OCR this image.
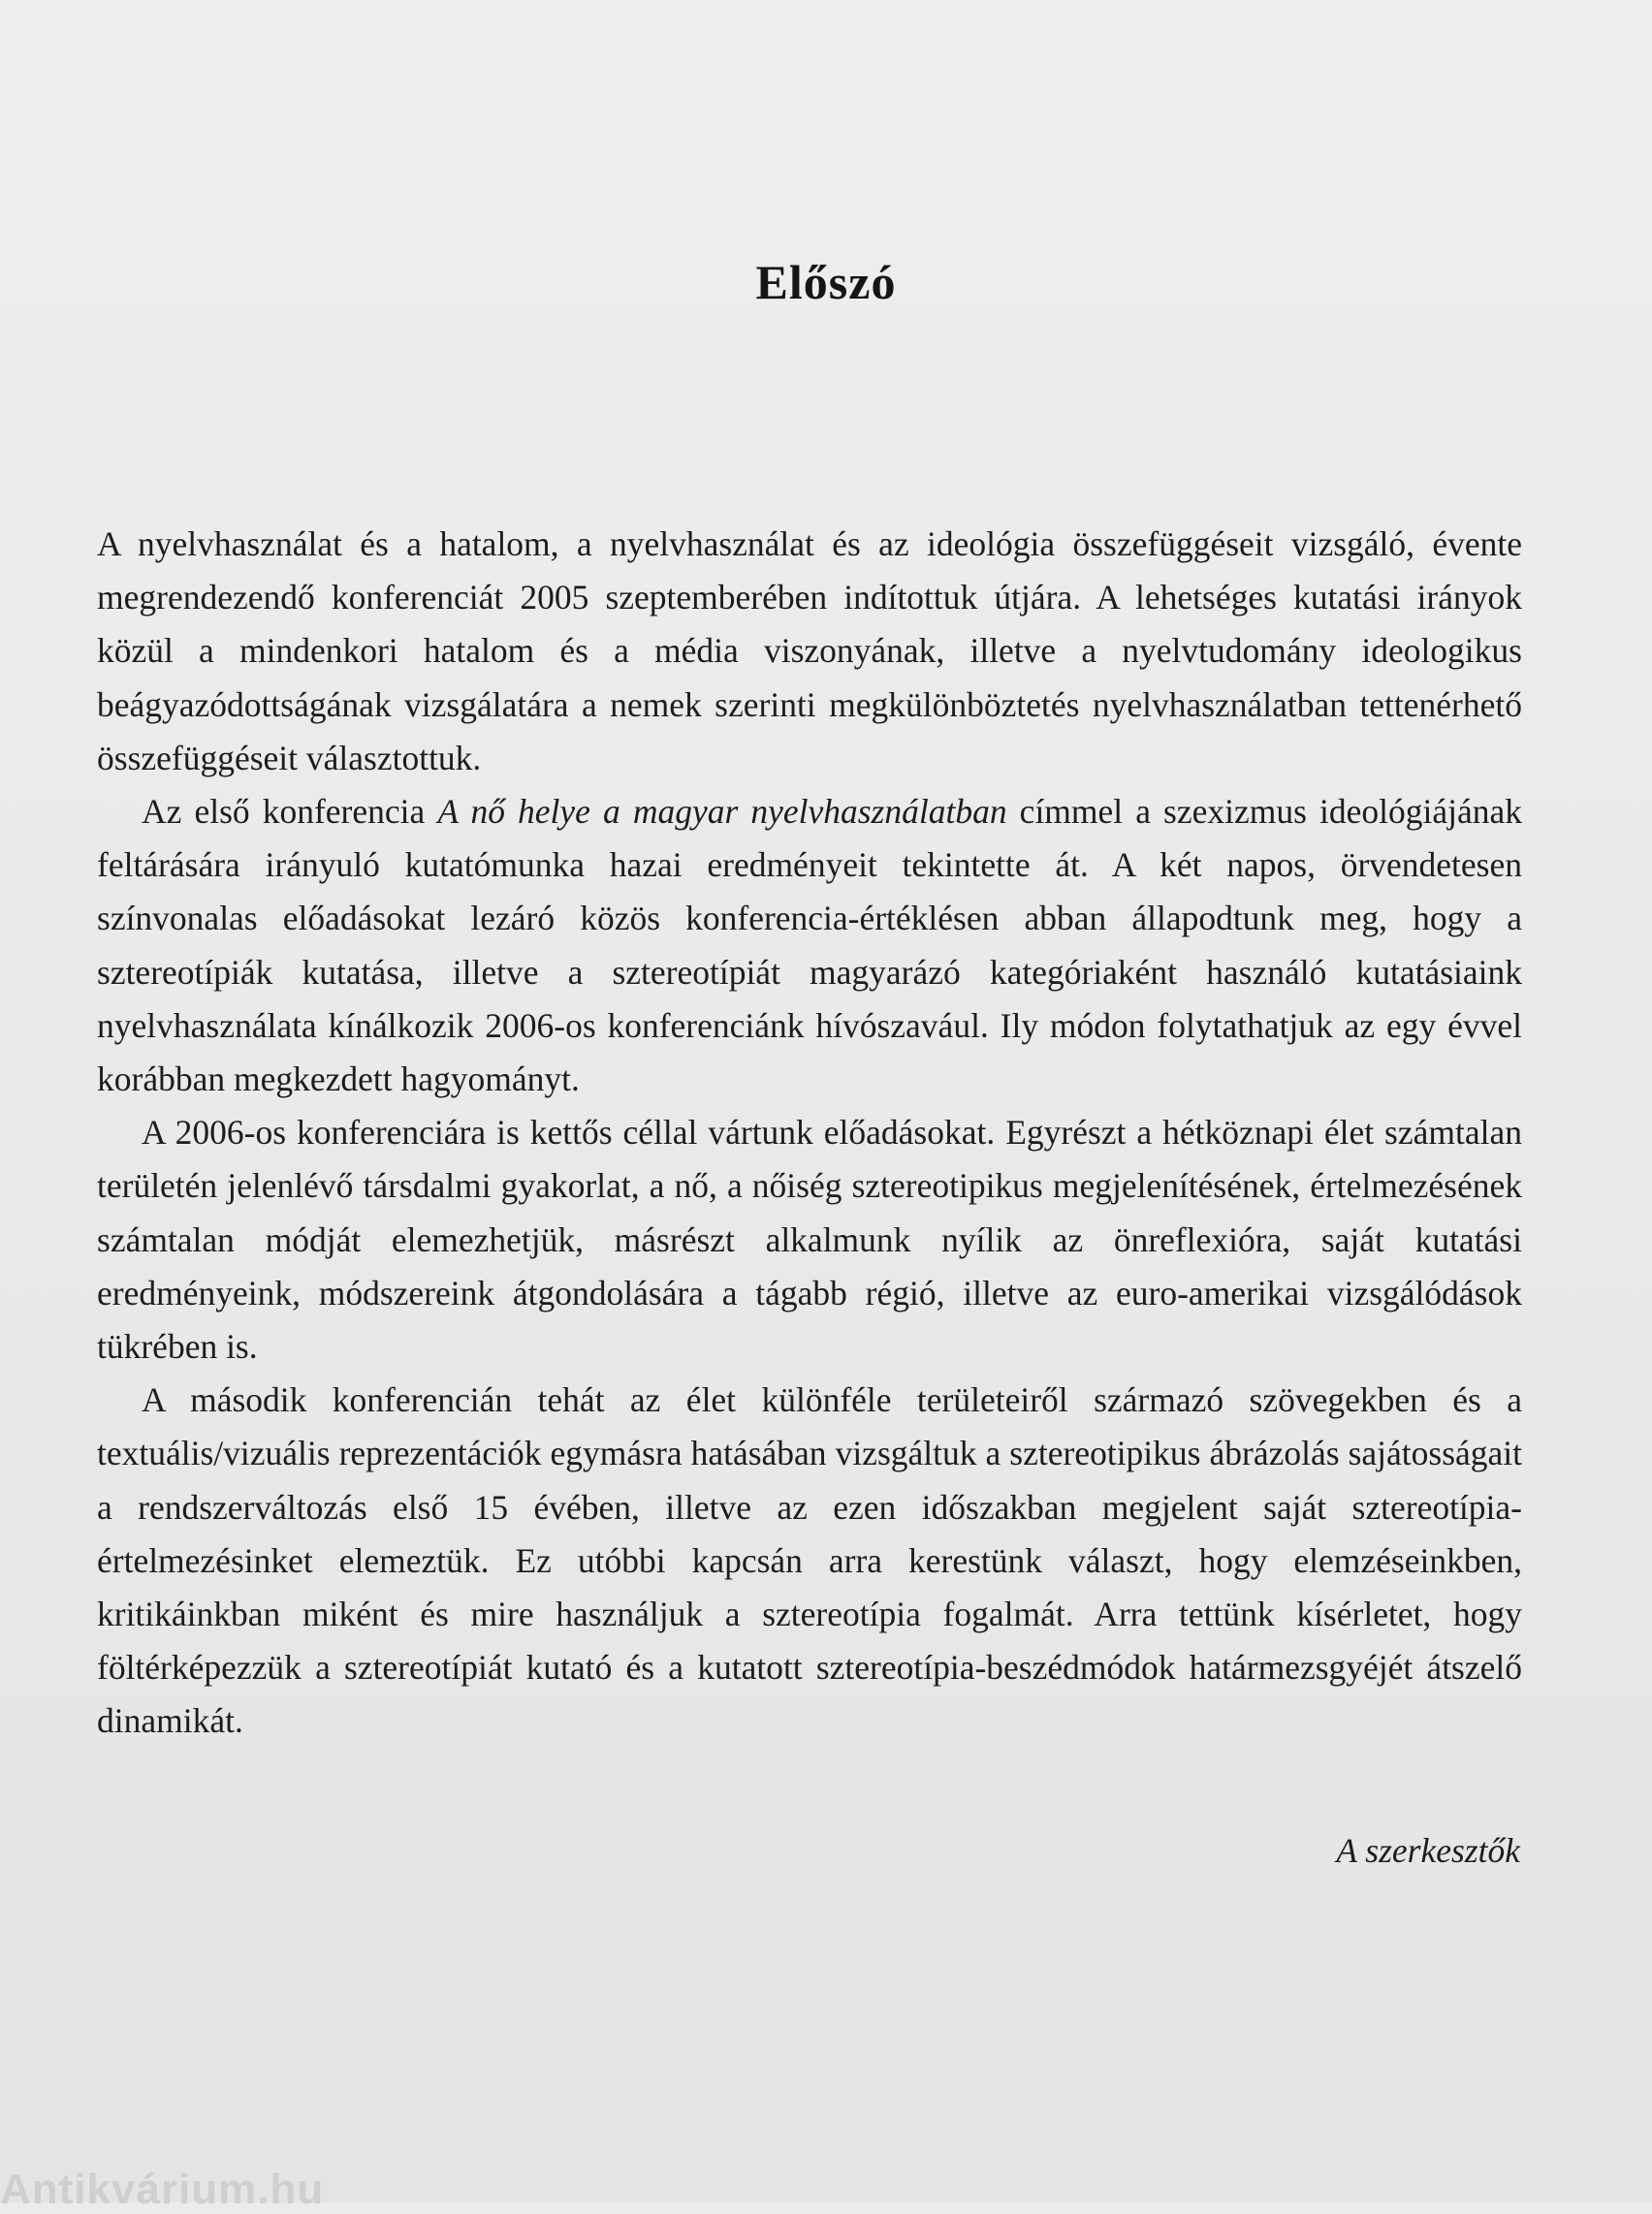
Előszó

A nyelvhasználat és a hatalom, a nyelvhasználat és az ideológia összefüggéseit vizsgáló, évente megrendezendő konferenciát 2005 szeptemberében indítottuk útjára. A lehetséges kutatási irányok közül a mindenkori hatalom és a média viszonyának, illetve a nyelvtudomány ideologikus beágyazódottságának vizsgálatára a nemek szerinti megkülönböztetés nyelvhasználatban tettenérhető összefüggéseit választottuk.

Az első konferencia A nő helye a magyar nyelvhasználatban címmel a szexizmus ideológiájának feltárására irányuló kutatómunka hazai eredményeit tekintette át. A két napos, örvendetesen színvonalas előadásokat lezáró közös konferencia-értéklésen abban állapodtunk meg, hogy a sztereotípiák kutatása, illetve a sztereotípiát magyarázó kategóriaként használó kutatásiaink nyelvhasználata kínálkozik 2006-os konferenciánk hívószavául. Ily módon folytathatjuk az egy évvel korábban megkezdett hagyományt.

A 2006-os konferenciára is kettős céllal vártunk előadásokat. Egyrészt a hétköznapi élet számtalan területén jelenlévő társdalmi gyakorlat, a nő, a nőiség sztereotipikus megjelenítésének, értelmezésének számtalan módját elemezhetjük, másrészt alkalmunk nyílik az önreflexióra, saját kutatási eredményeink, módszereink átgondolására a tágabb régió, illetve az euro-amerikai vizsgálódások tükrében is.

A második konferencián tehát az élet különféle területeiről származó szövegekben és a textuális/vizuális reprezentációk egymásra hatásában vizsgáltuk a sztereotipikus ábrázolás sajátosságait a rendszerváltozás első 15 évében, illetve az ezen időszakban megjelent saját sztereotípia-értelmezésinket elemeztük. Ez utóbbi kapcsán arra kerestünk választ, hogy elemzéseinkben, kritikáinkban miként és mire használjuk a sztereotípia fogalmát. Arra tettünk kísérletet, hogy föltérképezzük a sztereotípiát kutató és a kutatott sztereotípia-beszédmódok határmezsgyéjét átszelő dinamikát.

A szerkesztők

Antikvárium.hu
